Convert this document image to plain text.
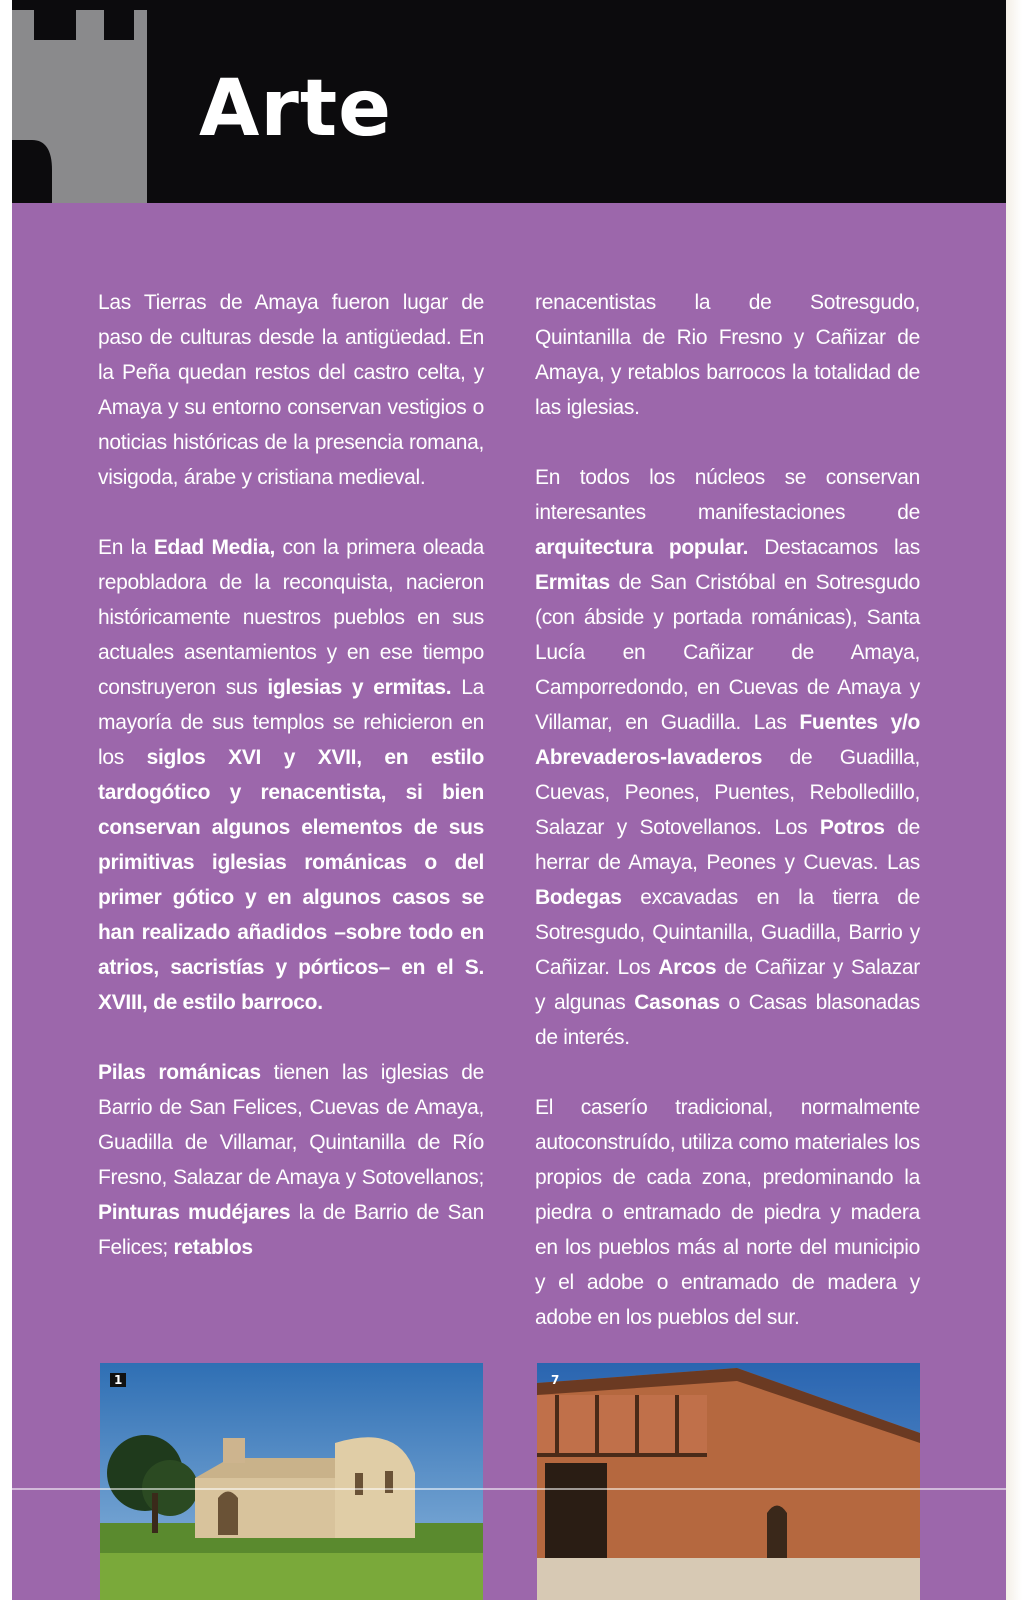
Arte

Las Tierras de Amaya fueron lugar de paso de culturas desde la antigüedad. En la Peña quedan restos del castro celta, y Amaya y su entorno conservan vestigios o noticias históricas de la presencia romana, visigoda, árabe y cristiana medieval.

En la Edad Media, con la primera oleada repobladora de la reconquista, nacieron históricamente nuestros pueblos en sus actuales asentamientos y en ese tiempo construyeron sus iglesias y ermitas. La mayoría de sus templos se rehicieron en los siglos XVI y XVII, en estilo tardogótico y renacentista, si bien conservan algunos elementos de sus primitivas iglesias románicas o del primer gótico y en algunos casos se han realizado añadidos –sobre todo en atrios, sacristías y pórticos– en el S. XVIII, de estilo barroco.

Pilas románicas tienen las iglesias de Barrio de San Felices, Cuevas de Amaya, Guadilla de Villamar, Quintanilla de Río Fresno, Salazar de Amaya y Sotovellanos; Pinturas mudéjares la de Barrio de San Felices; retablos

renacentistas la de Sotresgudo, Quintanilla de Rio Fresno y Cañizar de Amaya, y retablos barrocos la totalidad de las iglesias.

En todos los núcleos se conservan interesantes manifestaciones de arquitectura popular. Destacamos las Ermitas de San Cristóbal en Sotresgudo (con ábside y portada románicas), Santa Lucía en Cañizar de Amaya, Camporredondo, en Cuevas de Amaya y Villamar, en Guadilla. Las Fuentes y/o Abrevaderos-lavaderos de Guadilla, Cuevas, Peones, Puentes, Rebolledillo, Salazar y Sotovellanos. Los Potros de herrar de Amaya, Peones y Cuevas. Las Bodegas excavadas en la tierra de Sotresgudo, Quintanilla, Guadilla, Barrio y Cañizar. Los Arcos de Cañizar y Salazar y algunas Casonas o Casas blasonadas de interés.

El caserío tradicional, normalmente autoconstruído, utiliza como materiales los propios de cada zona, predominando la piedra o entramado de piedra y madera en los pueblos más al norte del municipio y el adobe o entramado de madera y adobe en los pueblos del sur.

1	7
